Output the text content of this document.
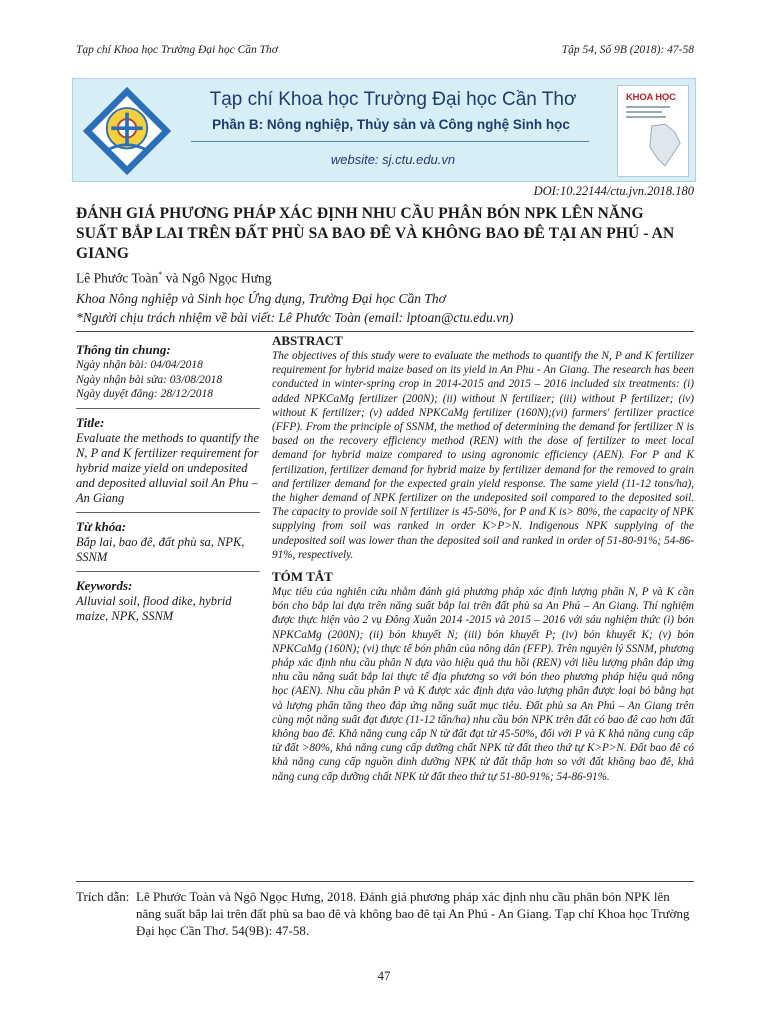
Tạp chí Khoa học Trường Đại học Cần Thơ	Tập 54, Số 9B (2018): 47-58
Tạp chí Khoa học Trường Đại học Cần Thơ
Phần B: Nông nghiệp, Thủy sản và Công nghệ Sinh học
website: sj.ctu.edu.vn
KHOA HỌC
DOI:10.22144/ctu.jvn.2018.180
ĐÁNH GIÁ PHƯƠNG PHÁP XÁC ĐỊNH NHU CẦU PHÂN BÓN NPK LÊN NĂNG SUẤT BẮP LAI TRÊN ĐẤT PHÙ SA BAO ĐÊ VÀ KHÔNG BAO ĐÊ TẠI AN PHÚ - AN GIANG
Lê Phước Toàn* và Ngô Ngọc Hưng
Khoa Nông nghiệp và Sinh học Ứng dụng, Trường Đại học Cần Thơ
*Người chịu trách nhiệm về bài viết: Lê Phước Toàn (email: lptoan@ctu.edu.vn)
Thông tin chung:
Ngày nhận bài: 04/04/2018
Ngày nhận bài sửa: 03/08/2018
Ngày duyệt đăng: 28/12/2018
Title:
Evaluate the methods to quantify the N, P and K fertilizer requirement for hybrid maize yield on undeposited and deposited alluvial soil An Phu – An Giang
Từ khóa:
Bắp lai, bao đê, đất phù sa, NPK, SSNM
Keywords:
Alluvial soil, flood dike, hybrid maize, NPK, SSNM
ABSTRACT
The objectives of this study were to evaluate the methods to quantify the N, P and K fertilizer requirement for hybrid maize based on its yield in An Phu - An Giang. The research has been conducted in winter-spring crop in 2014-2015 and 2015 – 2016 included six treatments: (i) added NPKCaMg fertilizer (200N); (ii) without N fertilizer; (iii) without P fertilizer; (iv) without K fertilizer; (v) added NPKCaMg fertilizer (160N);(vi) farmers' fertilizer practice (FFP). From the principle of SSNM, the method of determining the demand for fertilizer N is based on the recovery efficiency method (REN) with the dose of fertilizer to meet local demand for hybrid maize compared to using agronomic efficiency (AEN). For P and K fertilization, fertilizer demand for hybrid maize by fertilizer demand for the removed to grain and fertilizer demand for the expected grain yield response. The same yield (11-12 tons/ha), the higher demand of NPK fertilizer on the undeposited soil compared to the deposited soil. The capacity to provide soil N fertilizer is 45-50%, for P and K is> 80%, the capacity of NPK supplying from soil was ranked in order K>P>N. Indigenous NPK supplying of the undeposited soil was lower than the deposited soil and ranked in order of 51-80-91%; 54-86-91%, respectively.
TÓM TẮT
Mục tiêu của nghiên cứu nhằm đánh giá phương pháp xác định lượng phân N, P và K cần bón cho bắp lai dựa trên năng suất bắp lai trên đất phù sa An Phú – An Giang. Thí nghiệm được thực hiện vào 2 vụ Đông Xuân 2014 -2015 và 2015 – 2016 với sáu nghiệm thức (i) bón NPKCaMg (200N); (ii) bón khuyết N; (iii) bón khuyết P; (iv) bón khuyết K; (v) bón NPKCaMg (160N); (vi) thực tế bón phân của nông dân (FFP). Trên nguyên lý SSNM, phương pháp xác định nhu cầu phân N dựa vào hiệu quả thu hồi (REN) với liều lượng phân đáp ứng nhu cầu năng suất bắp lai thực tế địa phương so với bón theo phương pháp hiệu quả nông học (AEN). Nhu cầu phân P và K được xác định dựa vào lượng phân được loại bỏ bằng hạt và lượng phân tăng theo đáp ứng năng suất mục tiêu. Đất phù sa An Phú – An Giang trên cùng một năng suất đạt được (11-12 tấn/ha) nhu cầu bón NPK trên đất có bao đê cao hơn đất không bao đê. Khả năng cung cấp N từ đất đạt từ 45-50%, đối với P và K khả năng cung cấp từ đất >80%, khả năng cung cấp dưỡng chất NPK từ đất theo thứ tự K>P>N. Đất bao đê có khả năng cung cấp nguồn dinh dưỡng NPK từ đất thấp hơn so với đất không bao đê, khả năng cung cấp dưỡng chất NPK từ đất theo thứ tự 51-80-91%; 54-86-91%.
Trích dẫn: Lê Phước Toàn và Ngô Ngọc Hưng, 2018. Đánh giá phương pháp xác định nhu cầu phân bón NPK lên năng suất bắp lai trên đất phù sa bao đê và không bao đê tại An Phú - An Giang. Tạp chí Khoa học Trường Đại học Cần Thơ. 54(9B): 47-58.
47
